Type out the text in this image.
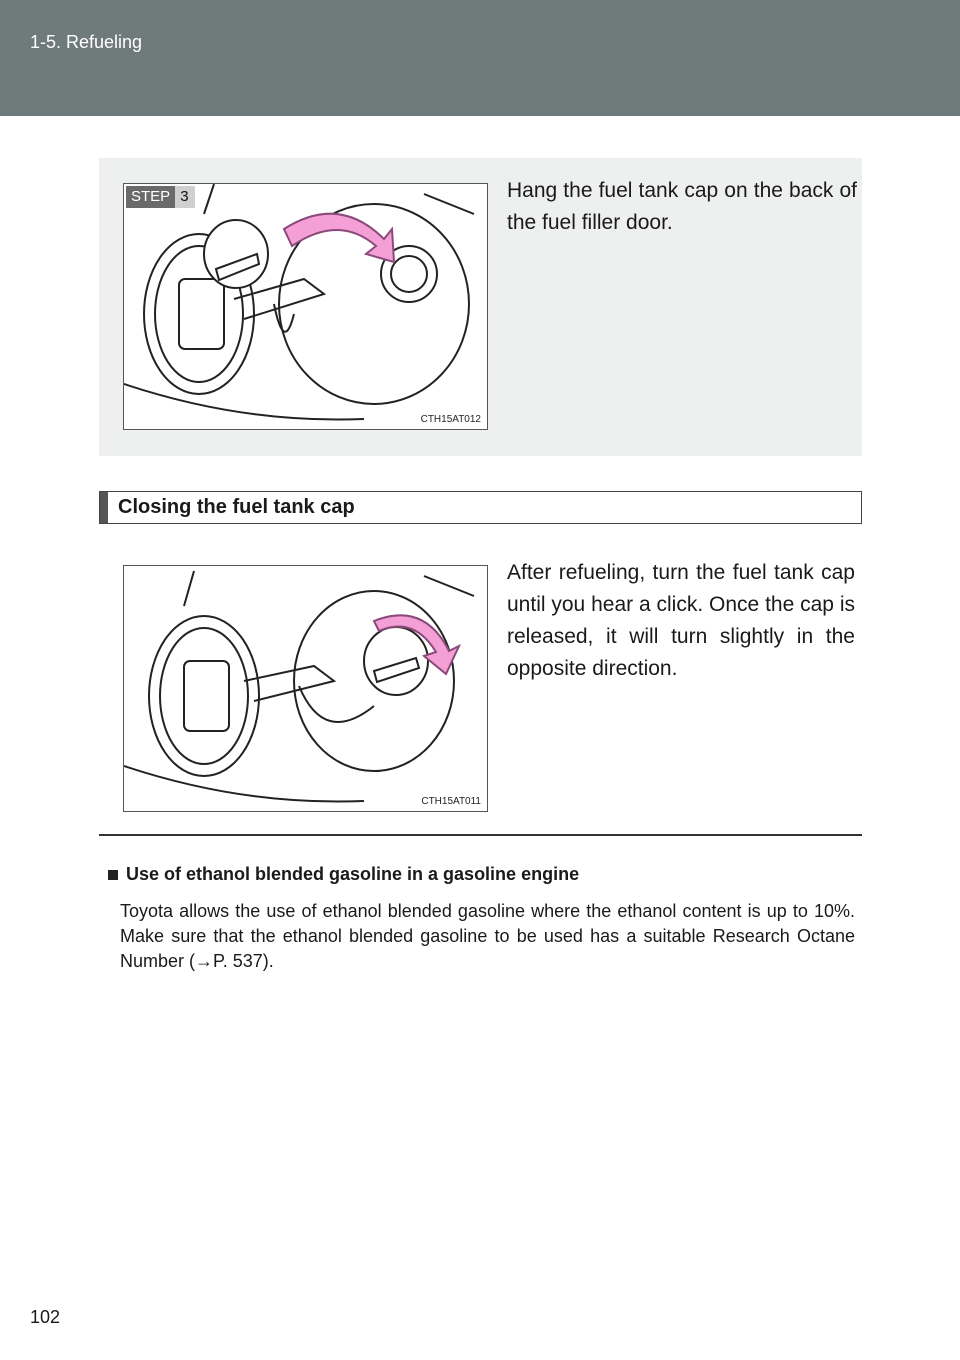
1-5. Refueling
STEP 3
CTH15AT012
Hang the fuel tank cap on the back of the fuel filler door.
Closing the fuel tank cap
CTH15AT011
After refueling, turn the fuel tank cap until you hear a click. Once the cap is released, it will turn slightly in the opposite direction.
Use of ethanol blended gasoline in a gasoline engine
Toyota allows the use of ethanol blended gasoline where the ethanol content is up to 10%. Make sure that the ethanol blended gasoline to be used has a suitable Research Octane Number (→P. 537).
102
